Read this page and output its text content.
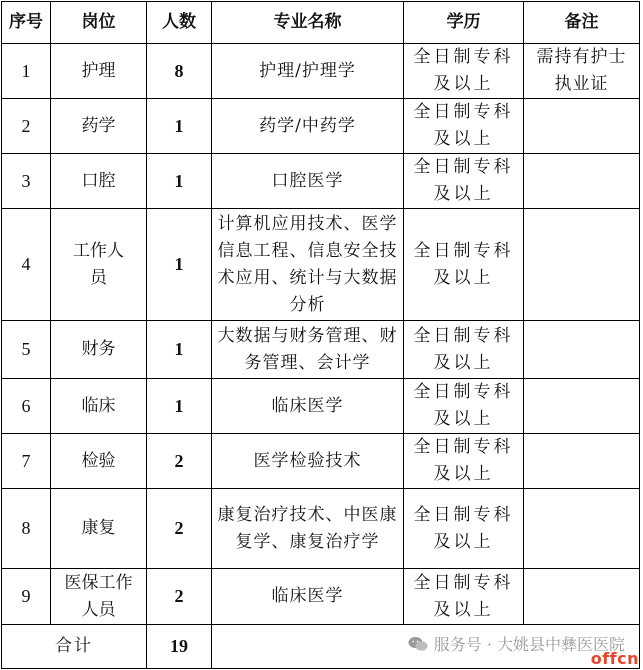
序号	岗位	人数	专业名称	学历	备注
1	护理	8	护理/护理学	全日制专科及以上	需持有护士执业证
2	药学	1	药学/中药学	全日制专科及以上	
3	口腔	1	口腔医学	全日制专科及以上	
4	工作人员	1	计算机应用技术、医学信息工程、信息安全技术应用、统计与大数据分析	全日制专科及以上	
5	财务	1	大数据与财务管理、财务管理、会计学	全日制专科及以上	
6	临床	1	临床医学	全日制专科及以上	
7	检验	2	医学检验技术	全日制专科及以上	
8	康复	2	康复治疗技术、中医康复学、康复治疗学	全日制专科及以上	
9	医保工作人员	2	临床医学	全日制专科及以上	
合计		19				服务号 · 大姚县中彝医医院
offcn
